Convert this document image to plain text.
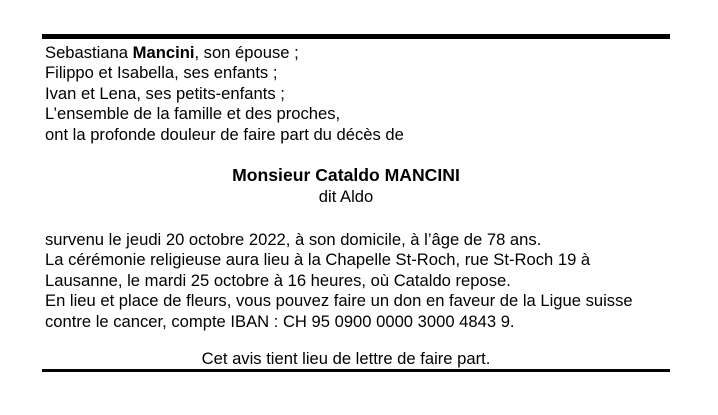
Sebastiana Mancini, son épouse ;
Filippo et Isabella, ses enfants ;
Ivan et Lena, ses petits-enfants ;
L’ensemble de la famille et des proches,
ont la profonde douleur de faire part du décès de
Monsieur Cataldo MANCINI
dit Aldo

survenu le jeudi 20 octobre 2022, à son domicile, à l’âge de 78 ans.

La cérémonie religieuse aura lieu à la Chapelle St-Roch, rue St-Roch 19 à Lausanne, le mardi 25 octobre à 16 heures, où Cataldo repose.

En lieu et place de fleurs, vous pouvez faire un don en faveur de la Ligue suisse contre le cancer, compte IBAN : CH 95 0900 0000 3000 4843 9.

Cet avis tient lieu de lettre de faire part.
